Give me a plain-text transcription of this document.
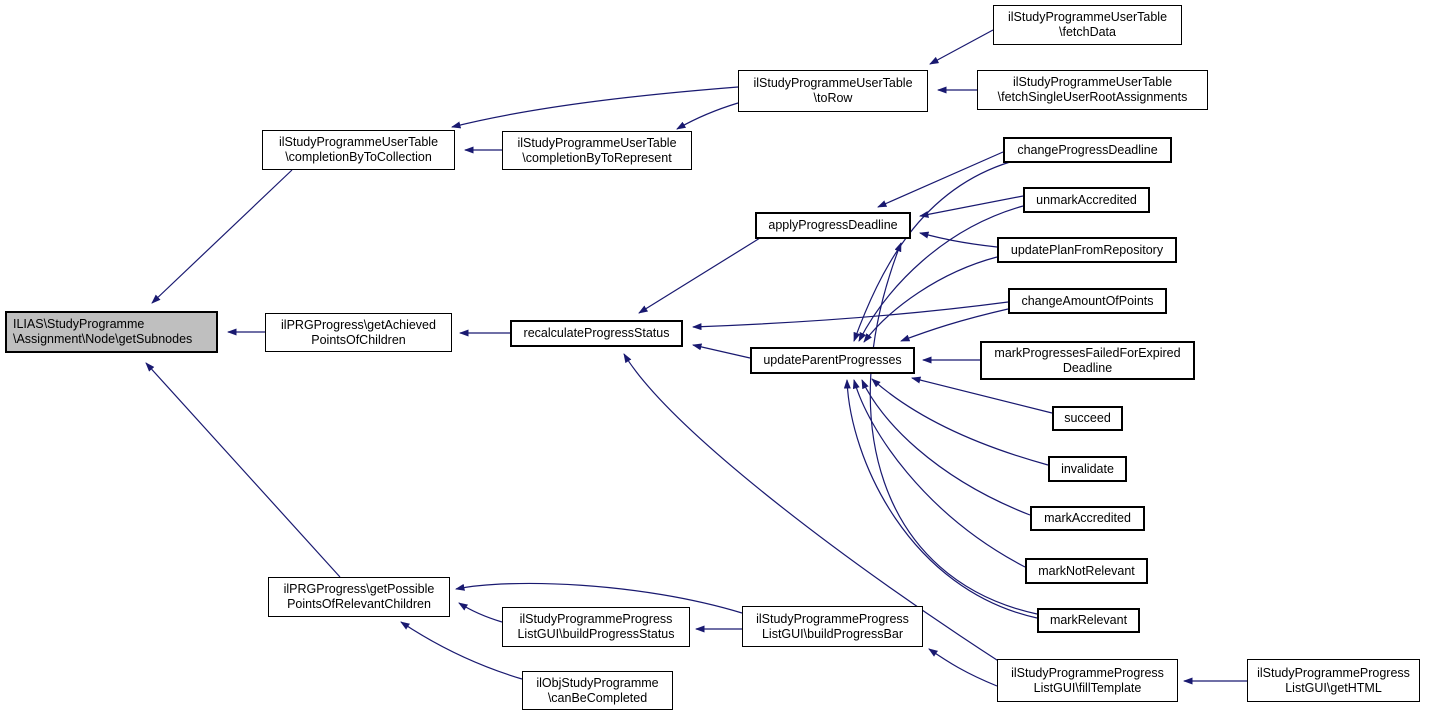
ILIAS\StudyProgramme
\Assignment\Node\getSubnodes
ilPRGProgress\getAchieved
PointsOfChildren
ilStudyProgrammeUserTable
\completionByToCollection
ilStudyProgrammeUserTable
\completionByToRepresent
ilStudyProgrammeUserTable
\toRow
ilStudyProgrammeUserTable
\fetchData
ilStudyProgrammeUserTable
\fetchSingleUserRootAssignments
applyProgressDeadline
recalculateProgressStatus
updateParentProgresses
changeProgressDeadline
unmarkAccredited
updatePlanFromRepository
changeAmountOfPoints
markProgressesFailedForExpired
Deadline
succeed
invalidate
markAccredited
markNotRelevant
markRelevant
ilStudyProgrammeProgress
ListGUI\fillTemplate
ilStudyProgrammeProgress
ListGUI\getHTML
ilPRGProgress\getPossible
PointsOfRelevantChildren
ilStudyProgrammeProgress
ListGUI\buildProgressStatus
ilObjStudyProgramme
\canBeCompleted
ilStudyProgrammeProgress
ListGUI\buildProgressBar
